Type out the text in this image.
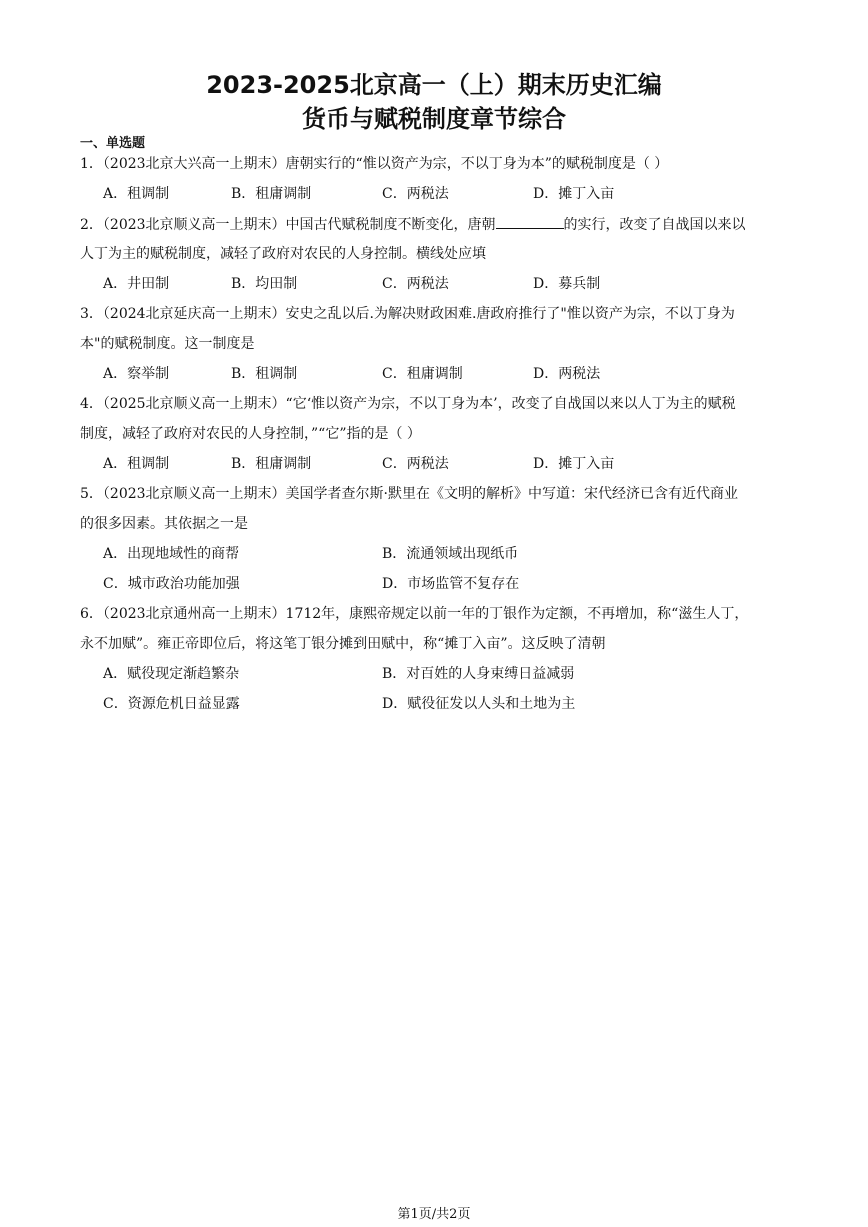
2023-2025北京高一（上）期末历史汇编
货币与赋税制度章节综合
一、单选题
1．（2023北京大兴高一上期末）唐朝实行的“惟以资产为宗，不以丁身为本”的赋税制度是（ ）
A．租调制	B．租庸调制	C．两税法	D．摊丁入亩
2．（2023北京顺义高一上期末）中国古代赋税制度不断变化，唐朝	的实行，改变了自战国以来以
人丁为主的赋税制度，减轻了政府对农民的人身控制。横线处应填
A．井田制	B．均田制	C．两税法	D．募兵制
3．（2024北京延庆高一上期末）安史之乱以后.为解决财政困难.唐政府推行了"惟以资产为宗，不以丁身为
本"的赋税制度。这一制度是
A．察举制	B．租调制	C．租庸调制	D．两税法
4．（2025北京顺义高一上期末）“它‘惟以资产为宗，不以丁身为本’，改变了自战国以来以人丁为主的赋税
制度，减轻了政府对农民的人身控制，”“它”指的是（ ）
A．租调制	B．租庸调制	C．两税法	D．摊丁入亩
5．（2023北京顺义高一上期末）美国学者查尔斯·默里在《文明的解析》中写道：宋代经济已含有近代商业
的很多因素。其依据之一是
A．出现地域性的商帮	B．流通领域出现纸币
C．城市政治功能加强	D．市场监管不复存在
6．（2023北京通州高一上期末）1712年，康熙帝规定以前一年的丁银作为定额，不再增加，称“滋生人丁，
永不加赋”。雍正帝即位后，将这笔丁银分摊到田赋中，称“摊丁入亩”。这反映了清朝
A．赋役现定渐趋繁杂	B．对百姓的人身束缚日益减弱
C．资源危机日益显露	D．赋役征发以人头和土地为主
第1页/共2页
